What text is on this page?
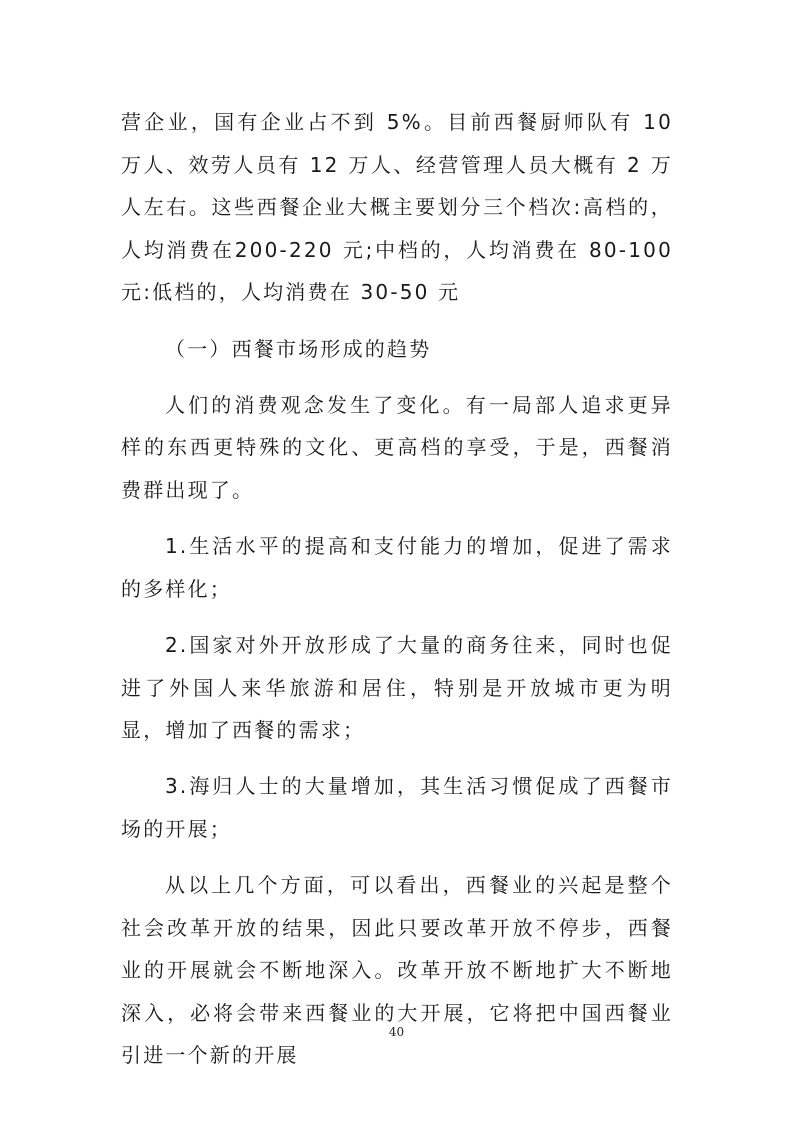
营企业，国有企业占不到 5%。目前西餐厨师队有 10 万人、效劳人员有 12 万人、经营管理人员大概有 2 万人左右。这些西餐企业大概主要划分三个档次:高档的，人均消费在200-220 元;中档的，人均消费在 80-100 元:低档的，人均消费在 30-50 元

（一）西餐市场形成的趋势

人们的消费观念发生了变化。有一局部人追求更异样的东西更特殊的文化、更高档的享受，于是，西餐消费群出现了。

1.生活水平的提高和支付能力的增加，促进了需求的多样化；

2.国家对外开放形成了大量的商务往来，同时也促进了外国人来华旅游和居住，特别是开放城市更为明显，增加了西餐的需求；

3.海归人士的大量增加，其生活习惯促成了西餐市场的开展；

从以上几个方面，可以看出，西餐业的兴起是整个社会改革开放的结果，因此只要改革开放不停步，西餐业的开展就会不断地深入。改革开放不断地扩大不断地深入，必将会带来西餐业的大开展，它将把中国西餐业引进一个新的开展

40
